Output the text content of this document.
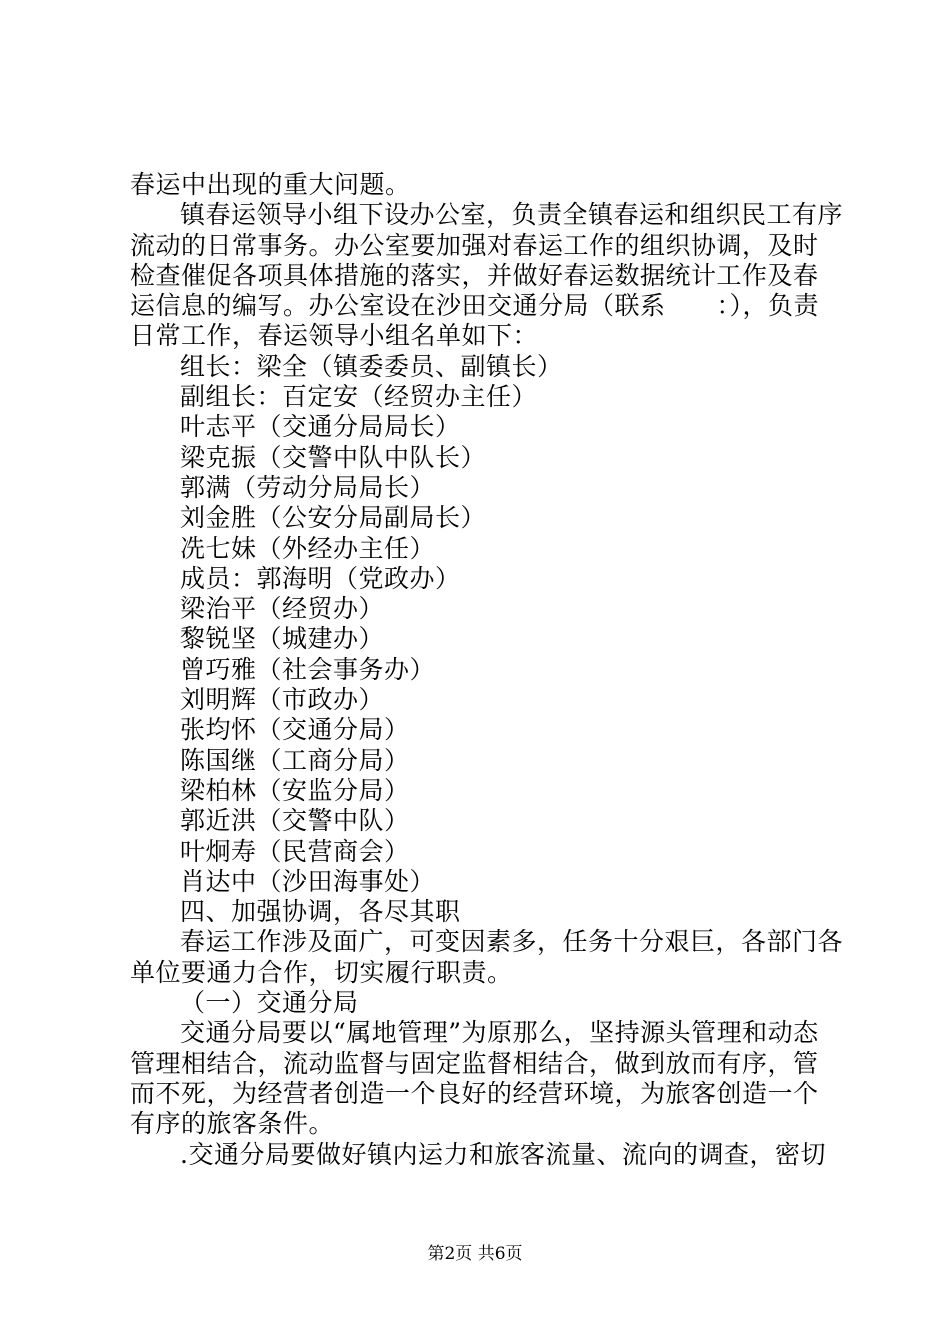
春运中出现的重大问题。
镇春运领导小组下设办公室，负责全镇春运和组织民工有序
流动的日常事务。办公室要加强对春运工作的组织协调，及时
检查催促各项具体措施的落实，并做好春运数据统计工作及春
运信息的编写。办公室设在沙田交通分局（联系　　：），负责
日常工作，春运领导小组名单如下：
组长：梁全（镇委委员、副镇长）
副组长：百定安（经贸办主任）
叶志平（交通分局局长）
梁克振（交警中队中队长）
郭满（劳动分局局长）
刘金胜（公安分局副局长）
冼七妹（外经办主任）
成员：郭海明（党政办）
梁治平（经贸办）
黎锐坚（城建办）
曾巧雅（社会事务办）
刘明辉（市政办）
张均怀（交通分局）
陈国继（工商分局）
梁柏林（安监分局）
郭近洪（交警中队）
叶炯寿（民营商会）
肖达中（沙田海事处）
四、加强协调，各尽其职
春运工作涉及面广，可变因素多，任务十分艰巨，各部门各
单位要通力合作，切实履行职责。
（一）交通分局
交通分局要以“属地管理”为原那么，坚持源头管理和动态
管理相结合，流动监督与固定监督相结合，做到放而有序，管
而不死，为经营者创造一个良好的经营环境，为旅客创造一个
有序的旅客条件。
.交通分局要做好镇内运力和旅客流量、流向的调查，密切
第2页 共6页
